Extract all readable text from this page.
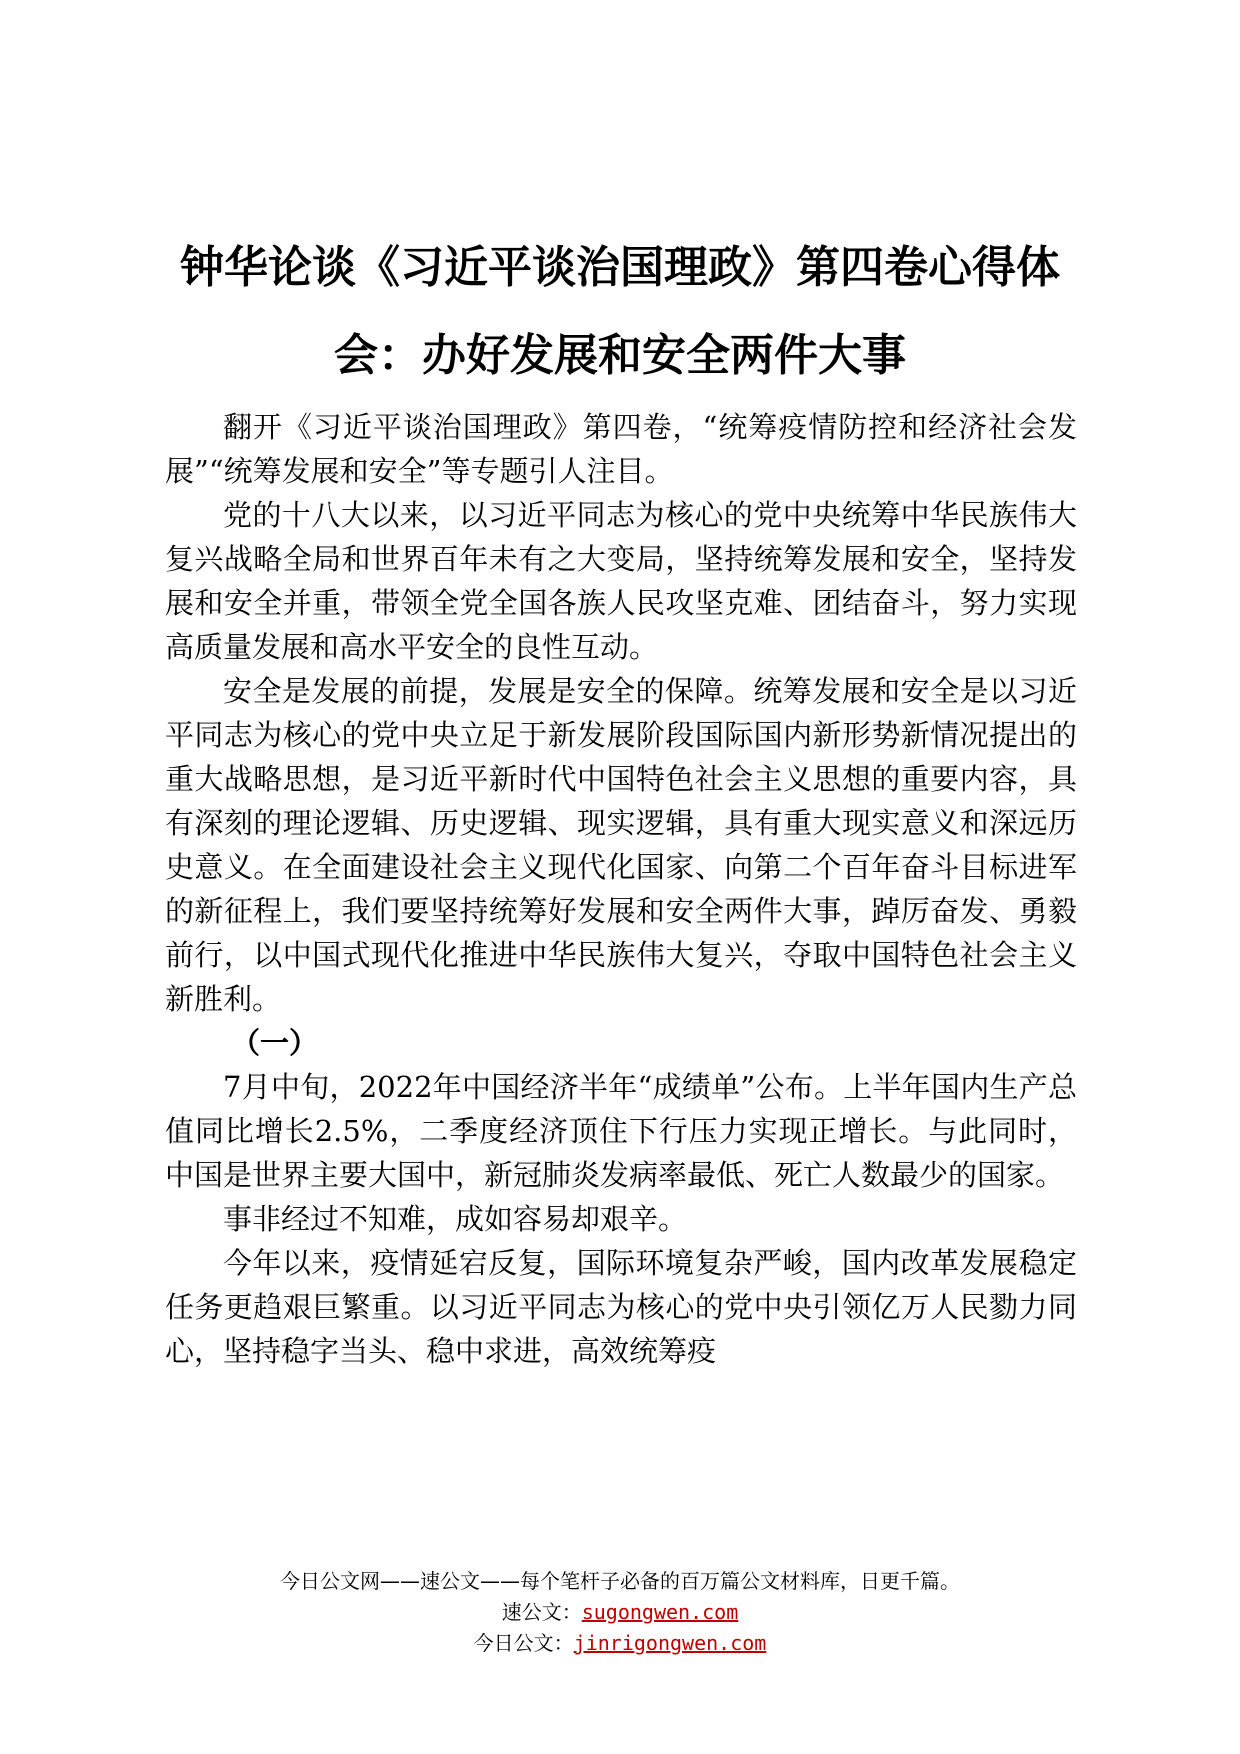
钟华论谈《习近平谈治国理政》第四卷心得体
会：办好发展和安全两件大事

翻开《习近平谈治国理政》第四卷，“统筹疫情防控和经济社会发展”“统筹发展和安全”等专题引人注目。

党的十八大以来，以习近平同志为核心的党中央统筹中华民族伟大复兴战略全局和世界百年未有之大变局，坚持统筹发展和安全，坚持发展和安全并重，带领全党全国各族人民攻坚克难、团结奋斗，努力实现高质量发展和高水平安全的良性互动。

安全是发展的前提，发展是安全的保障。统筹发展和安全是以习近平同志为核心的党中央立足于新发展阶段国际国内新形势新情况提出的重大战略思想，是习近平新时代中国特色社会主义思想的重要内容，具有深刻的理论逻辑、历史逻辑、现实逻辑，具有重大现实意义和深远历史意义。在全面建设社会主义现代化国家、向第二个百年奋斗目标进军的新征程上，我们要坚持统筹好发展和安全两件大事，踔厉奋发、勇毅前行，以中国式现代化推进中华民族伟大复兴，夺取中国特色社会主义新胜利。

（一）

7月中旬，2022年中国经济半年“成绩单”公布。上半年国内生产总值同比增长2.5%，二季度经济顶住下行压力实现正增长。与此同时，中国是世界主要大国中，新冠肺炎发病率最低、死亡人数最少的国家。

事非经过不知难，成如容易却艰辛。

今年以来，疫情延宕反复，国际环境复杂严峻，国内改革发展稳定任务更趋艰巨繁重。以习近平同志为核心的党中央引领亿万人民勠力同心，坚持稳字当头、稳中求进，高效统筹疫

今日公文网——速公文——每个笔杆子必备的百万篇公文材料库，日更千篇。
速公文：sugongwen.com
今日公文：jinrigongwen.com
